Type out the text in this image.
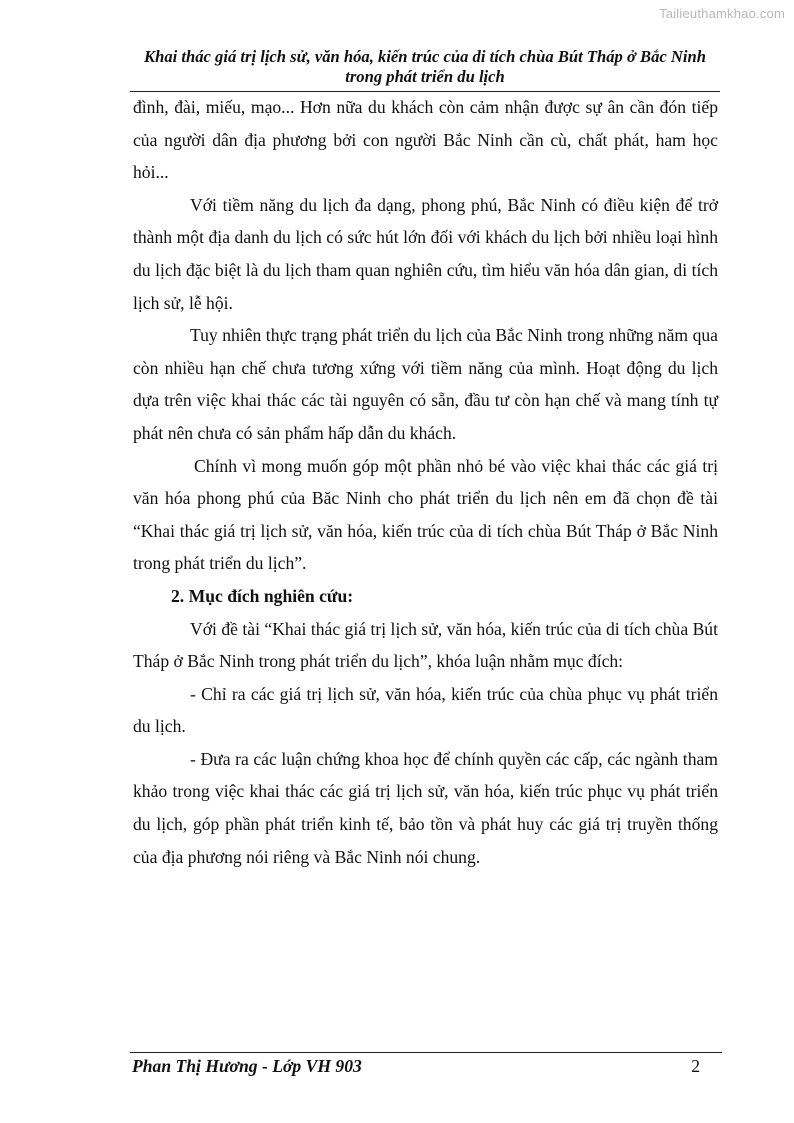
Tailieuthamkhao.com
Khai thác giá trị lịch sử, văn hóa, kiến trúc của di tích chùa Bút Tháp ở Bắc Ninh trong phát triển du lịch

đình, đài, miếu, mạo... Hơn nữa du khách còn cảm nhận được sự ân cần đón tiếp của người dân địa phương bởi con người Bắc Ninh cần cù, chất phát, ham học hỏi...

Với tiềm năng du lịch đa dạng, phong phú, Bắc Ninh có điều kiện để trở thành một địa danh du lịch có sức hút lớn đối với khách du lịch bởi nhiều loại hình du lịch đặc biệt là du lịch tham quan nghiên cứu, tìm hiểu văn hóa dân gian, di tích lịch sử, lễ hội.

Tuy nhiên thực trạng phát triển du lịch của Bắc Ninh trong những năm qua còn nhiều hạn chế chưa tương xứng với tiềm năng của mình. Hoạt động du lịch dựa trên việc khai thác các tài nguyên có sẵn, đầu tư còn hạn chế và mang tính tự phát nên chưa có sản phẩm hấp dẫn du khách.

Chính vì mong muốn góp một phần nhỏ bé vào việc khai thác các giá trị văn hóa phong phú của Băc Ninh cho phát triển du lịch nên em đã chọn đề tài “Khai thác giá trị lịch sử, văn hóa, kiến trúc của di tích chùa Bút Tháp ở Bắc Ninh trong phát triển du lịch”.

2. Mục đích nghiên cứu:

Với đề tài “Khai thác giá trị lịch sử, văn hóa, kiến trúc của di tích chùa Bút Tháp ở Bắc Ninh trong phát triển du lịch”, khóa luận nhằm mục đích:

- Chỉ ra các giá trị lịch sử, văn hóa, kiến trúc của chùa phục vụ phát triển du lịch.

- Đưa ra các luận chứng khoa học để chính quyền các cấp, các ngành tham khảo trong việc khai thác các giá trị lịch sử, văn hóa, kiến trúc phục vụ phát triển du lịch, góp phần phát triển kinh tế, bảo tồn và phát huy các giá trị truyền thống của địa phương nói riêng và Bắc Ninh nói chung.

Phan Thị Hương - Lớp VH 903	2
